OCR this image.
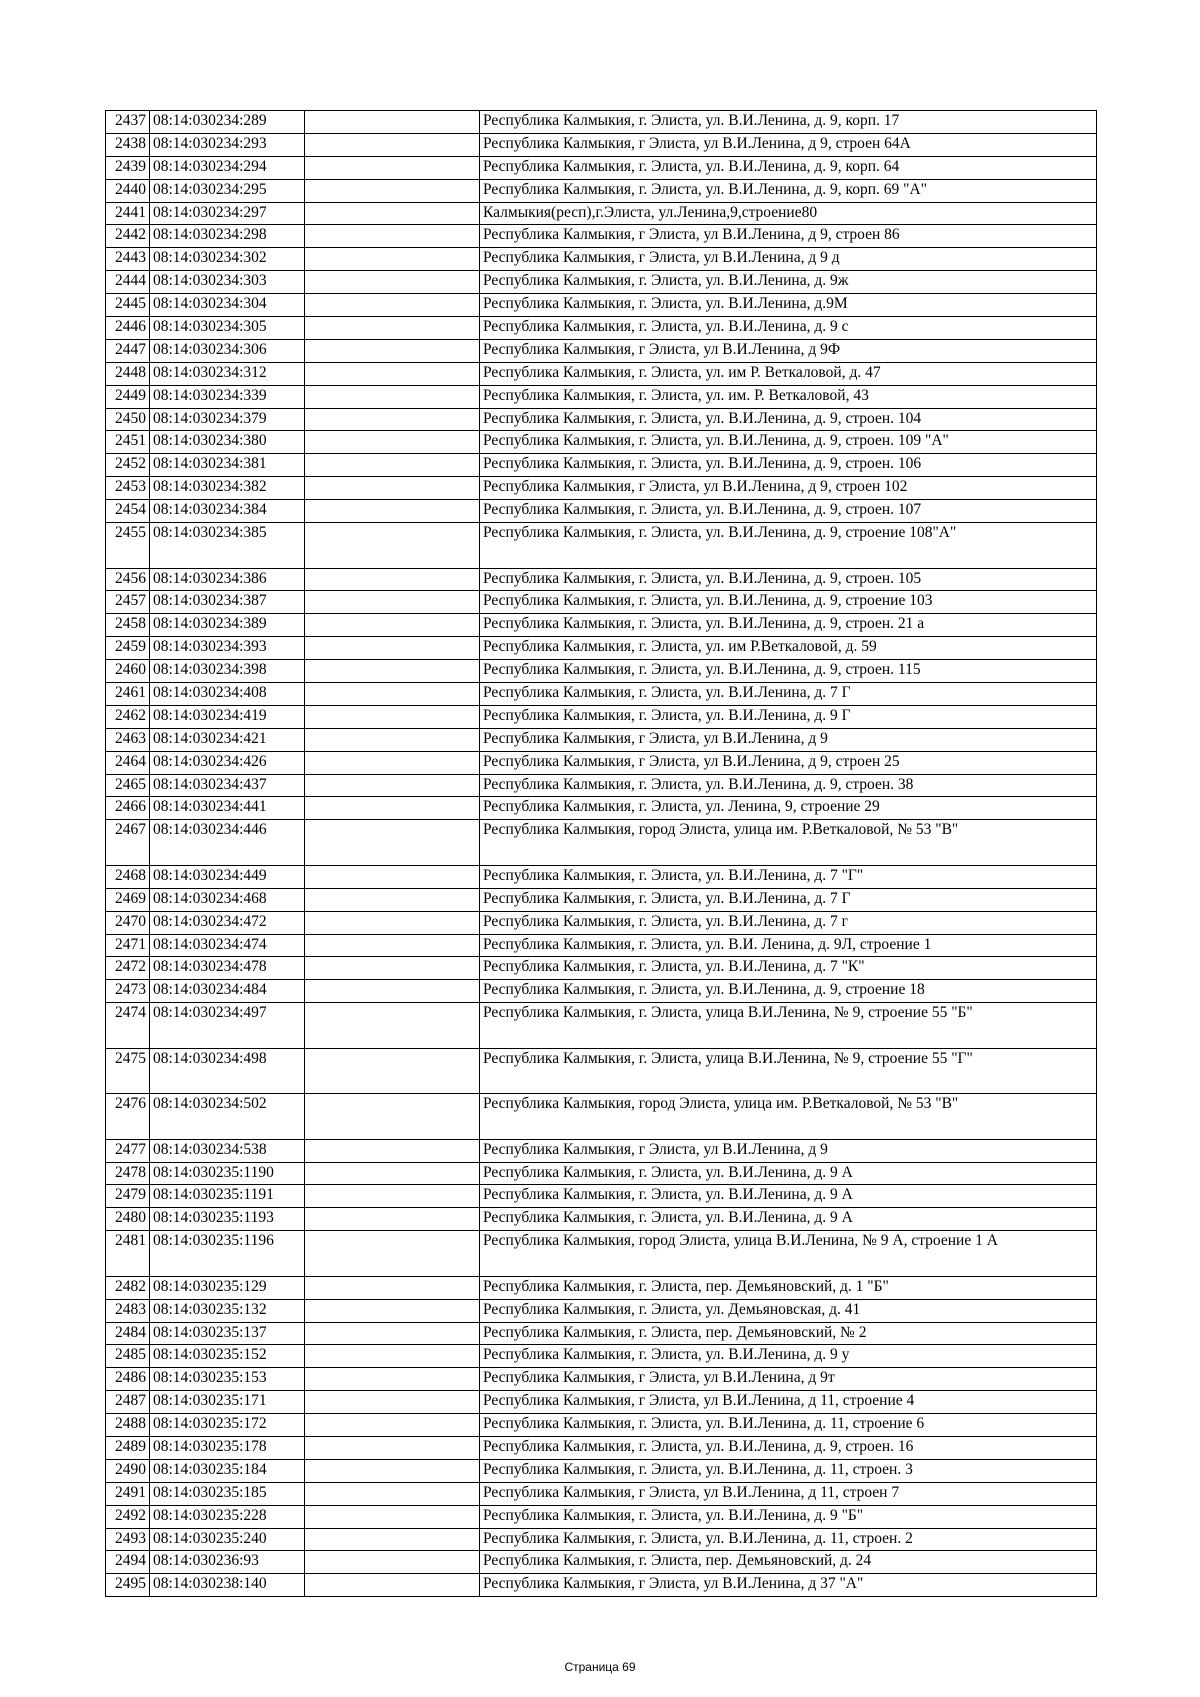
2437	08:14:030234:289		Республика Калмыкия, г. Элиста, ул. В.И.Ленина, д. 9, корп. 17
2438	08:14:030234:293		Республика Калмыкия, г Элиста, ул В.И.Ленина, д 9, строен 64А
2439	08:14:030234:294		Республика Калмыкия, г. Элиста, ул. В.И.Ленина, д. 9, корп. 64
2440	08:14:030234:295		Республика Калмыкия, г. Элиста, ул. В.И.Ленина, д. 9, корп. 69 "А"
2441	08:14:030234:297		Калмыкия(респ),г.Элиста, ул.Ленина,9,строение80
2442	08:14:030234:298		Республика Калмыкия, г Элиста, ул В.И.Ленина, д 9, строен 86
2443	08:14:030234:302		Республика Калмыкия, г Элиста, ул В.И.Ленина, д 9 д
2444	08:14:030234:303		Республика Калмыкия, г. Элиста, ул. В.И.Ленина, д. 9ж
2445	08:14:030234:304		Республика Калмыкия, г. Элиста, ул. В.И.Ленина, д.9М
2446	08:14:030234:305		Республика Калмыкия, г. Элиста, ул. В.И.Ленина, д. 9 с
2447	08:14:030234:306		Республика Калмыкия, г Элиста, ул В.И.Ленина, д 9Ф
2448	08:14:030234:312		Республика Калмыкия, г. Элиста, ул. им Р. Веткаловой, д. 47
2449	08:14:030234:339		Республика Калмыкия, г. Элиста, ул. им. Р. Веткаловой, 43
2450	08:14:030234:379		Республика Калмыкия, г. Элиста, ул. В.И.Ленина, д. 9, строен. 104
2451	08:14:030234:380		Республика Калмыкия, г. Элиста, ул. В.И.Ленина, д. 9, строен. 109 "А"
2452	08:14:030234:381		Республика Калмыкия, г. Элиста, ул. В.И.Ленина, д. 9, строен. 106
2453	08:14:030234:382		Республика Калмыкия, г Элиста, ул В.И.Ленина, д 9, строен 102
2454	08:14:030234:384		Республика Калмыкия, г. Элиста, ул. В.И.Ленина, д. 9, строен. 107
2455	08:14:030234:385		Республика Калмыкия, г. Элиста, ул. В.И.Ленина, д. 9, строение 108"А"
2456	08:14:030234:386		Республика Калмыкия, г. Элиста, ул. В.И.Ленина, д. 9, строен. 105
2457	08:14:030234:387		Республика Калмыкия, г. Элиста, ул. В.И.Ленина, д. 9, строение 103
2458	08:14:030234:389		Республика Калмыкия, г. Элиста, ул. В.И.Ленина, д. 9, строен. 21 а
2459	08:14:030234:393		Республика Калмыкия, г. Элиста, ул. им Р.Веткаловой, д. 59
2460	08:14:030234:398		Республика Калмыкия, г. Элиста, ул. В.И.Ленина, д. 9, строен. 115
2461	08:14:030234:408		Республика Калмыкия, г. Элиста, ул. В.И.Ленина, д. 7 Г
2462	08:14:030234:419		Республика Калмыкия, г. Элиста, ул. В.И.Ленина, д. 9 Г
2463	08:14:030234:421		Республика Калмыкия, г Элиста, ул В.И.Ленина, д 9
2464	08:14:030234:426		Республика Калмыкия, г Элиста, ул В.И.Ленина, д 9, строен 25
2465	08:14:030234:437		Республика Калмыкия, г. Элиста, ул. В.И.Ленина, д. 9, строен. 38
2466	08:14:030234:441		Республика Калмыкия, г. Элиста, ул. Ленина, 9, строение 29
2467	08:14:030234:446		Республика Калмыкия, город Элиста, улица им. Р.Веткаловой, № 53 "В"
2468	08:14:030234:449		Республика Калмыкия, г. Элиста, ул. В.И.Ленина, д. 7 "Г"
2469	08:14:030234:468		Республика Калмыкия, г. Элиста, ул. В.И.Ленина, д. 7 Г
2470	08:14:030234:472		Республика Калмыкия, г. Элиста, ул. В.И.Ленина, д. 7 г
2471	08:14:030234:474		Республика Калмыкия, г. Элиста, ул. В.И. Ленина, д. 9Л, строение 1
2472	08:14:030234:478		Республика Калмыкия, г. Элиста, ул. В.И.Ленина, д. 7 "К"
2473	08:14:030234:484		Республика Калмыкия, г. Элиста, ул. В.И.Ленина, д. 9, строение 18
2474	08:14:030234:497		Республика Калмыкия, г. Элиста, улица В.И.Ленина, № 9, строение 55 "Б"
2475	08:14:030234:498		Республика Калмыкия, г. Элиста, улица В.И.Ленина, № 9, строение 55 "Г"
2476	08:14:030234:502		Республика Калмыкия, город Элиста, улица им. Р.Веткаловой, № 53 "В"
2477	08:14:030234:538		Республика Калмыкия, г Элиста, ул В.И.Ленина, д 9
2478	08:14:030235:1190		Республика Калмыкия, г. Элиста, ул. В.И.Ленина, д. 9 А
2479	08:14:030235:1191		Республика Калмыкия, г. Элиста, ул. В.И.Ленина, д. 9 А
2480	08:14:030235:1193		Республика Калмыкия, г. Элиста, ул. В.И.Ленина, д. 9 А
2481	08:14:030235:1196		Республика Калмыкия, город Элиста, улица В.И.Ленина, № 9 А, строение 1 А
2482	08:14:030235:129		Республика Калмыкия, г. Элиста, пер. Демьяновский, д. 1 "Б"
2483	08:14:030235:132		Республика Калмыкия, г. Элиста, ул. Демьяновская, д. 41
2484	08:14:030235:137		Республика Калмыкия, г. Элиста, пер. Демьяновский, № 2
2485	08:14:030235:152		Республика Калмыкия, г. Элиста, ул. В.И.Ленина, д. 9 у
2486	08:14:030235:153		Республика Калмыкия, г Элиста, ул В.И.Ленина, д 9т
2487	08:14:030235:171		Республика Калмыкия, г Элиста, ул В.И.Ленина, д 11, строение 4
2488	08:14:030235:172		Республика Калмыкия, г. Элиста, ул. В.И.Ленина, д. 11, строение 6
2489	08:14:030235:178		Республика Калмыкия, г. Элиста, ул. В.И.Ленина, д. 9, строен. 16
2490	08:14:030235:184		Республика Калмыкия, г. Элиста, ул. В.И.Ленина, д. 11, строен. 3
2491	08:14:030235:185		Республика Калмыкия, г Элиста, ул В.И.Ленина, д 11, строен 7
2492	08:14:030235:228		Республика Калмыкия, г. Элиста, ул. В.И.Ленина, д. 9 "Б"
2493	08:14:030235:240		Республика Калмыкия, г. Элиста, ул. В.И.Ленина, д. 11, строен. 2
2494	08:14:030236:93		Республика Калмыкия, г. Элиста, пер. Демьяновский, д. 24
2495	08:14:030238:140		Республика Калмыкия, г Элиста, ул В.И.Ленина, д 37 "А"
Страница 69
